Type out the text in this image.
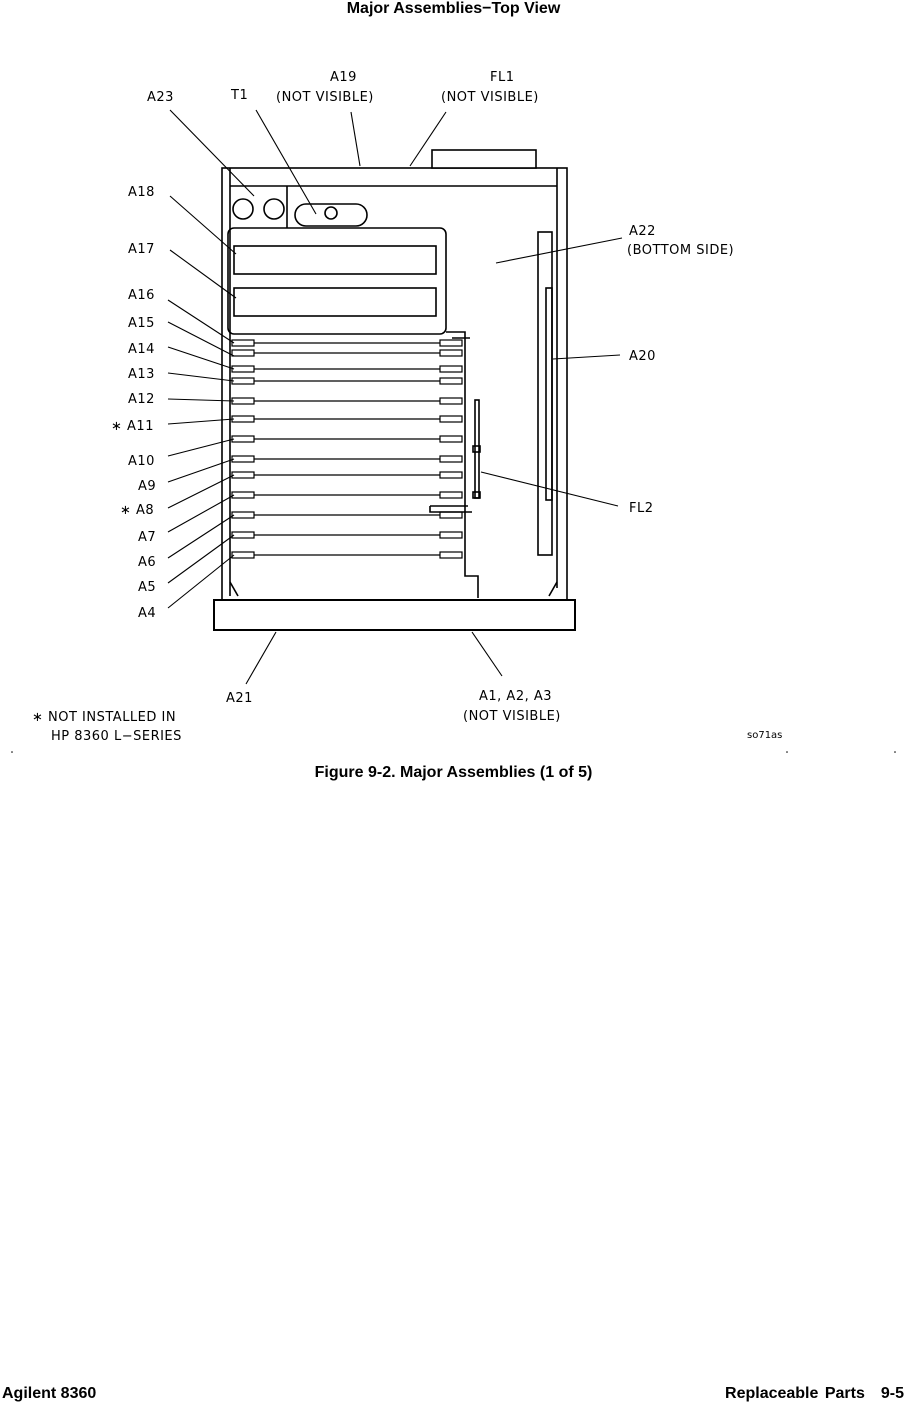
Major Assemblies−Top View
A23	T1
A19
(NOT VISIBLE)
FL1
(NOT VISIBLE)
A18
A17
A16
A15
A14
A13
A12
∗ A11
A10
A9
∗ A8
A7
A6
A5
A4
A22
(BOTTOM SIDE)
A20
FL2
A21	A1, A2, A3
(NOT VISIBLE)
∗ NOT INSTALLED IN
HP 8360 L−SERIES	so71as
Figure 9-2. Major Assemblies (1 of 5)
Agilent 8360	Replaceable Parts 9-5
